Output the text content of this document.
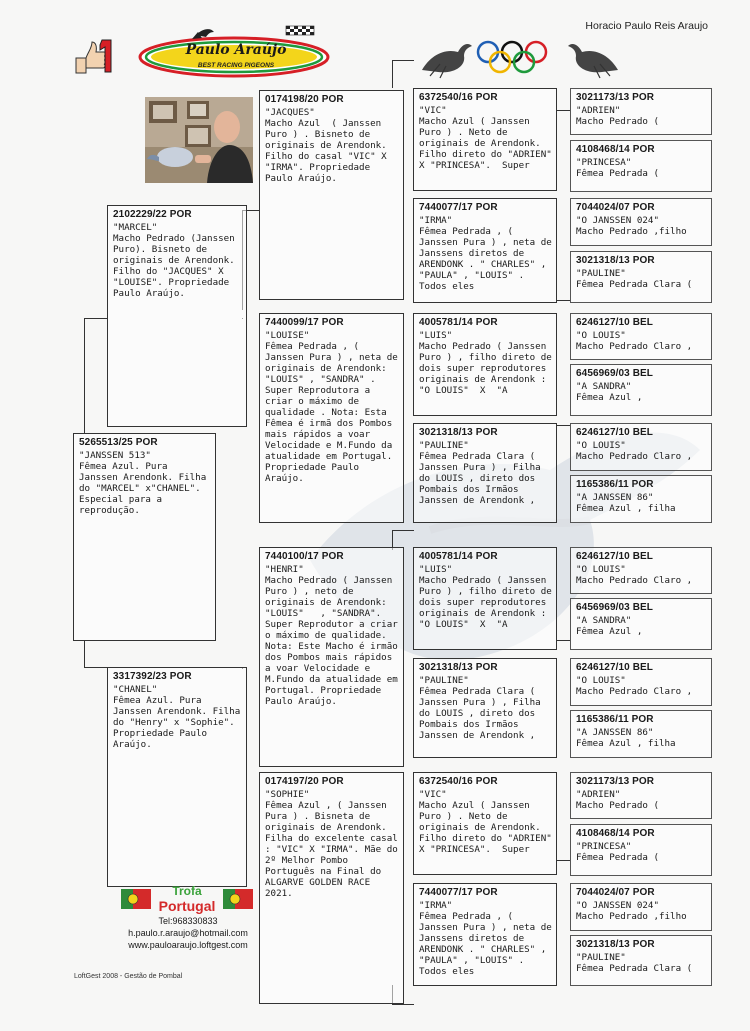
Horacio Paulo Reis Araujo
Paulo Araújo
BEST RACING PIGEONS
5265513/25 POR
"JANSSEN 513"
Fêmea Azul. Pura Janssen Arendonk. Filha do "MARCEL" x"CHANEL". Especial para a reprodução.
2102229/22 POR
"MARCEL"
Macho Pedrado (Janssen Puro). Bisneto de originais de Arendonk. Filho do "JACQUES" X "LOUISE". Propriedade Paulo Araújo.
3317392/23 POR
"CHANEL"
Fêmea Azul. Pura Janssen Arendonk. Filha do "Henry" x "Sophie". Propriedade Paulo Araújo.
0174198/20 POR
"JACQUES"
Macho Azul  ( Janssen Puro ) . Bisneto de originais de Arendonk.  Filho do casal "VIC" X "IRMA". Propriedade Paulo Araújo.
7440099/17 POR
"LOUISE"
Fêmea Pedrada , ( Janssen Pura ) , neta de originais de Arendonk: "LOUIS" , "SANDRA" . Super Reprodutora a criar o máximo de qualidade . Nota: Esta Fêmea é irmã dos Pombos mais rápidos a voar Velocidade e M.Fundo da atualidade em Portugal. Propriedade Paulo Araújo.
7440100/17 POR
"HENRI"
Macho Pedrado ( Janssen Puro ) , neto de originais de Arendonk: "LOUIS"   , "SANDRA". Super Reprodutor a criar o máximo de qualidade. Nota: Este Macho é irmão dos Pombos mais rápidos a voar Velocidade e M.Fundo da atualidade em Portugal. Propriedade Paulo Araújo.
0174197/20 POR
"SOPHIE"
Fêmea Azul , ( Janssen Pura ) . Bisneta de originais de Arendonk.  Filha do excelente casal : "VIC" X "IRMA". Mãe do 2º Melhor Pombo Português na Final do ALGARVE GOLDEN RACE 2021.
6372540/16 POR
"VIC"
Macho Azul ( Janssen Puro ) . Neto de originais de Arendonk. Filho direto do "ADRIEN" X "PRINCESA".  Super
7440077/17 POR
"IRMA"
Fêmea Pedrada , ( Janssen Pura ) , neta de Janssens diretos de ARENDONK . " CHARLES" , "PAULA" , "LOUIS" . Todos eles
4005781/14 POR
"LUIS"
Macho Pedrado ( Janssen Puro ) , filho direto de dois super reprodutores originais de Arendonk : "O LOUIS"  X  "A
3021318/13 POR
"PAULINE"
Fêmea Pedrada Clara ( Janssen Pura ) , Filha do LOUIS , direto dos Pombais dos Irmãos Janssen de Arendonk ,
4005781/14 POR
"LUIS"
Macho Pedrado ( Janssen Puro ) , filho direto de dois super reprodutores originais de Arendonk : "O LOUIS"  X  "A
3021318/13 POR
"PAULINE"
Fêmea Pedrada Clara ( Janssen Pura ) , Filha do LOUIS , direto dos Pombais dos Irmãos Janssen de Arendonk ,
6372540/16 POR
"VIC"
Macho Azul ( Janssen Puro ) . Neto de originais de Arendonk. Filho direto do "ADRIEN" X "PRINCESA".  Super
7440077/17 POR
"IRMA"
Fêmea Pedrada , ( Janssen Pura ) , neta de Janssens diretos de ARENDONK . " CHARLES" , "PAULA" , "LOUIS" . Todos eles
3021173/13 POR
"ADRIEN"
Macho Pedrado (
4108468/14 POR
"PRINCESA"
Fêmea Pedrada (
7044024/07 POR
"O JANSSEN 024"
Macho Pedrado ,filho
3021318/13 POR
"PAULINE"
Fêmea Pedrada Clara (
6246127/10 BEL
"O LOUIS"
Macho Pedrado Claro ,
6456969/03 BEL
"A SANDRA"
Fêmea Azul ,
6246127/10 BEL
"O LOUIS"
Macho Pedrado Claro ,
1165386/11 POR
"A JANSSEN 86"
Fêmea Azul , filha
6246127/10 BEL
"O LOUIS"
Macho Pedrado Claro ,
6456969/03 BEL
"A SANDRA"
Fêmea Azul ,
6246127/10 BEL
"O LOUIS"
Macho Pedrado Claro ,
1165386/11 POR
"A JANSSEN 86"
Fêmea Azul , filha
3021173/13 POR
"ADRIEN"
Macho Pedrado (
4108468/14 POR
"PRINCESA"
Fêmea Pedrada (
7044024/07 POR
"O JANSSEN 024"
Macho Pedrado ,filho
3021318/13 POR
"PAULINE"
Fêmea Pedrada Clara (
Trofa
Portugal
Tel:968330833
h.paulo.r.araujo@hotmail.com
www.pauloaraujo.loftgest.com
LoftGest 2008 - Gestão de Pombal
